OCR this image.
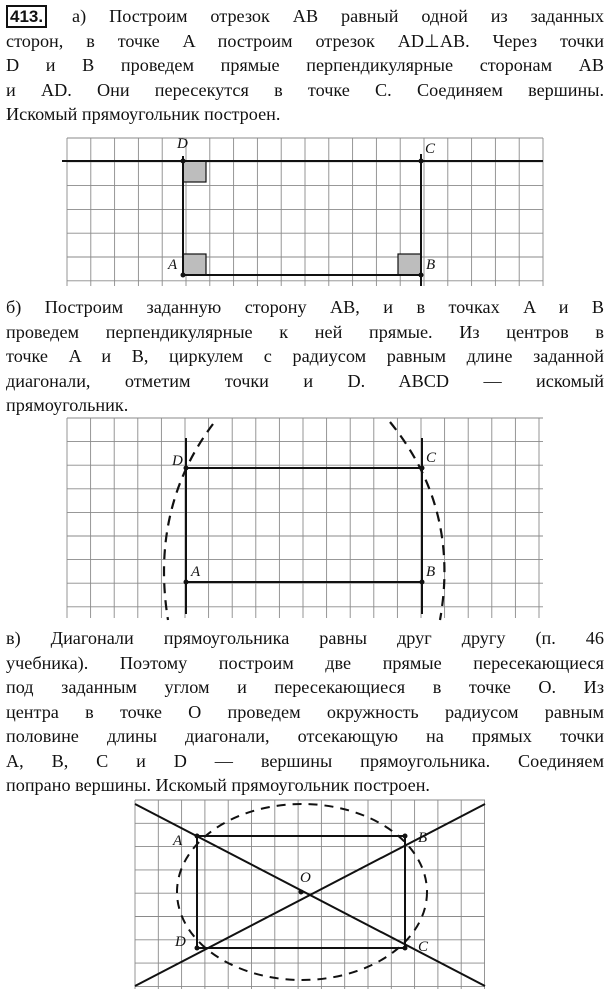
413. а) Построим отрезок AB равный одной из заданных
сторон, в точке A построим отрезок AD⊥AB. Через точки
D и B проведем прямые перпендикулярные сторонам AB
и AD. Они пересекутся в точке C. Соединяем вершины.
Искомый прямоугольник построен.
D	C
A	B
б) Построим заданную сторону AB, и в точках A и B
проведем перпендикулярные к ней прямые. Из центров в
точке A и B, циркулем с радиусом равным длине заданной
диагонали, отметим точки и D. ABCD — искомый
прямоугольник.
D	C
A	B
в) Диагонали прямоугольника равны друг другу (п. 46
учебника). Поэтому построим две прямые пересекающиеся
под заданным углом и пересекающиеся в точке O. Из
центра в точке O проведем окружность радиусом равным
половине длины диагонали, отсекающую на прямых точки
A, B, C и D — вершины прямоугольника. Соединяем
попрано вершины. Искомый прямоугольник построен.
A	B
C
D
O
